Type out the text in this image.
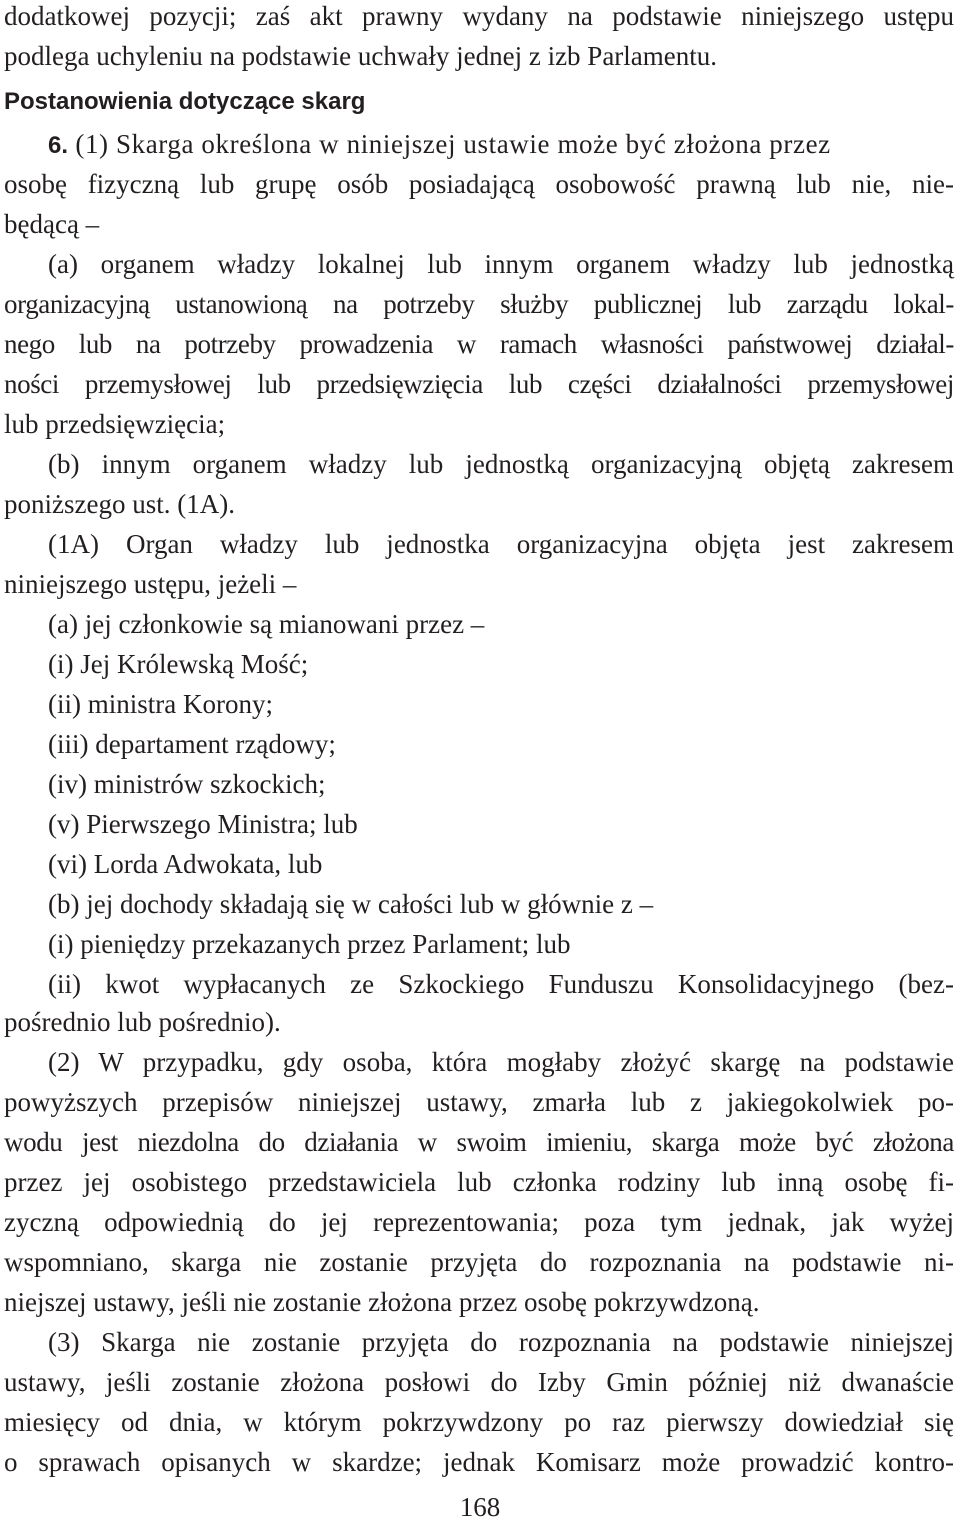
dodatkowej pozycji; zaś akt prawny wydany na podstawie niniejszego ustępu
podlega uchyleniu na podstawie uchwały jednej z izb Parlamentu.
Postanowienia dotyczące skarg
6. (1) Skarga określona w niniejszej ustawie może być złożona przez
osobę fizyczną lub grupę osób posiadającą osobowość prawną lub nie, nie-
będącą –
(a) organem władzy lokalnej lub innym organem władzy lub jednostką
organizacyjną ustanowioną na potrzeby służby publicznej lub zarządu lokal-
nego lub na potrzeby prowadzenia w ramach własności państwowej działal-
ności przemysłowej lub przedsięwzięcia lub części działalności przemysłowej
lub przedsięwzięcia;
(b) innym organem władzy lub jednostką organizacyjną objętą zakresem
poniższego ust. (1A).
(1A) Organ władzy lub jednostka organizacyjna objęta jest zakresem
niniejszego ustępu, jeżeli –
(a) jej członkowie są mianowani przez –
(i) Jej Królewską Mość;
(ii) ministra Korony;
(iii) departament rządowy;
(iv) ministrów szkockich;
(v) Pierwszego Ministra; lub
(vi) Lorda Adwokata, lub
(b) jej dochody składają się w całości lub w głównie z –
(i) pieniędzy przekazanych przez Parlament; lub
(ii) kwot wypłacanych ze Szkockiego Funduszu Konsolidacyjnego (bez-
pośrednio lub pośrednio).
(2) W przypadku, gdy osoba, która mogłaby złożyć skargę na podstawie
powyższych przepisów niniejszej ustawy, zmarła lub z jakiegokolwiek po-
wodu jest niezdolna do działania w swoim imieniu, skarga może być złożona
przez jej osobistego przedstawiciela lub członka rodziny lub inną osobę fi-
zyczną odpowiednią do jej reprezentowania; poza tym jednak, jak wyżej
wspomniano, skarga nie zostanie przyjęta do rozpoznania na podstawie ni-
niejszej ustawy, jeśli nie zostanie złożona przez osobę pokrzywdzoną.
(3) Skarga nie zostanie przyjęta do rozpoznania na podstawie niniejszej
ustawy, jeśli zostanie złożona posłowi do Izby Gmin później niż dwanaście
miesięcy od dnia, w którym pokrzywdzony po raz pierwszy dowiedział się
o sprawach opisanych w skardze; jednak Komisarz może prowadzić kontro-
168
